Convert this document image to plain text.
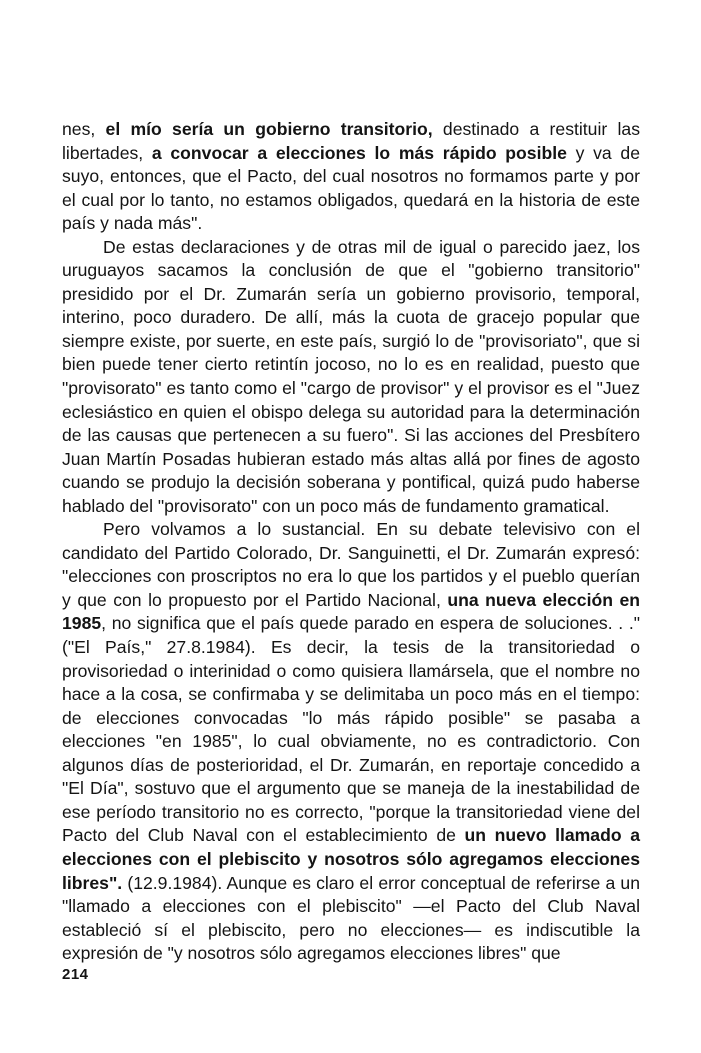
nes, el mío sería un gobierno transitorio, destinado a restituir las libertades, a convocar a elecciones lo más rápido posible y va de suyo, entonces, que el Pacto, del cual nosotros no formamos parte y por el cual por lo tanto, no estamos obligados, quedará en la historia de este país y nada más".

De estas declaraciones y de otras mil de igual o parecido jaez, los uruguayos sacamos la conclusión de que el "gobierno transitorio" presidido por el Dr. Zumarán sería un gobierno provisorio, temporal, interino, poco duradero. De allí, más la cuota de gracejo popular que siempre existe, por suerte, en este país, surgió lo de "provisoriato", que si bien puede tener cierto retintín jocoso, no lo es en realidad, puesto que "provisorato" es tanto como el "cargo de provisor" y el provisor es el "Juez eclesiástico en quien el obispo delega su autoridad para la determinación de las causas que pertenecen a su fuero". Si las acciones del Presbítero Juan Martín Posadas hubieran estado más altas allá por fines de agosto cuando se produjo la decisión soberana y pontifical, quizá pudo haberse hablado del "provisorato" con un poco más de fundamento gramatical.

Pero volvamos a lo sustancial. En su debate televisivo con el candidato del Partido Colorado, Dr. Sanguinetti, el Dr. Zumarán expresó: "elecciones con proscriptos no era lo que los partidos y el pueblo querían y que con lo propuesto por el Partido Nacional, una nueva elección en 1985, no significa que el país quede parado en espera de soluciones. . ." ("El País," 27.8.1984). Es decir, la tesis de la transitoriedad o provisoriedad o interinidad o como quisiera llamársela, que el nombre no hace a la cosa, se confirmaba y se delimitaba un poco más en el tiempo: de elecciones convocadas "lo más rápido posible" se pasaba a elecciones "en 1985", lo cual obviamente, no es contradictorio. Con algunos días de posterioridad, el Dr. Zumarán, en reportaje concedido a "El Día", sostuvo que el argumento que se maneja de la inestabilidad de ese período transitorio no es correcto, "porque la transitoriedad viene del Pacto del Club Naval con el establecimiento de un nuevo llamado a elecciones con el plebiscito y nosotros sólo agregamos elecciones libres". (12.9.1984). Aunque es claro el error conceptual de referirse a un "llamado a elecciones con el plebiscito" —el Pacto del Club Naval estableció sí el plebiscito, pero no elecciones— es indiscutible la expresión de "y nosotros sólo agregamos elecciones libres" que

214
